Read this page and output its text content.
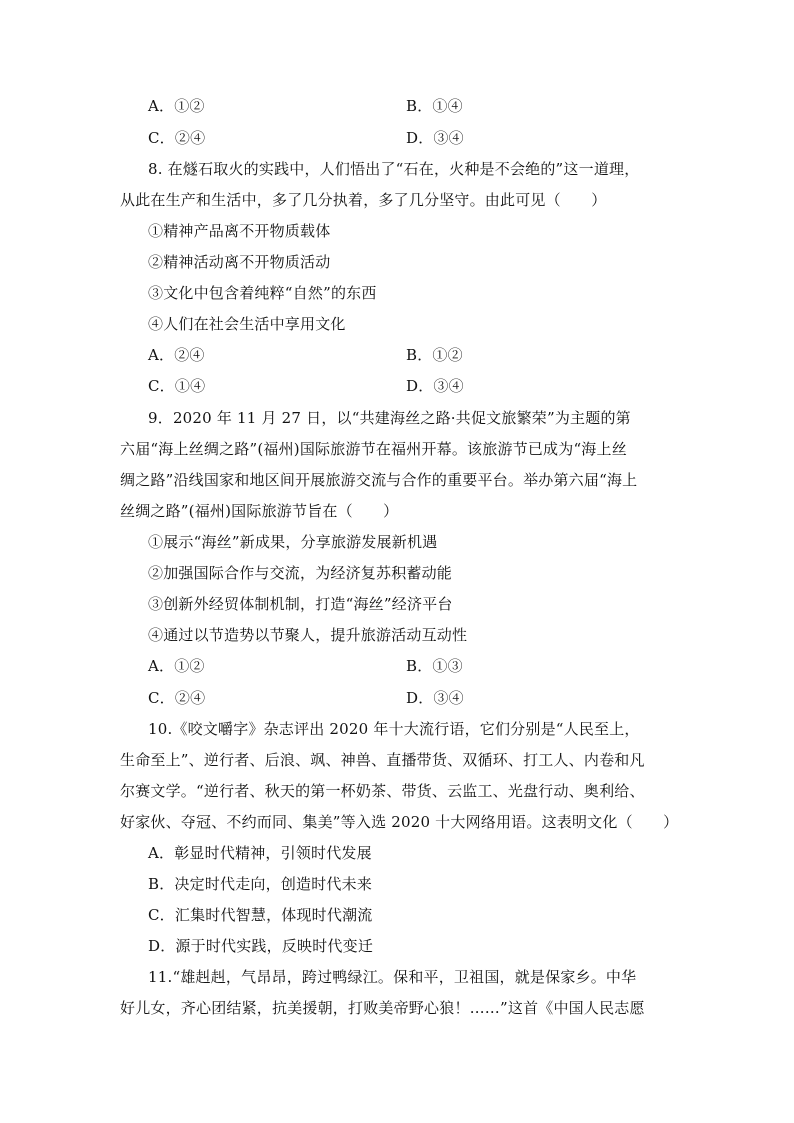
A．①②	B．①④
C．②④	D．③④
8. 在燧石取火的实践中，人们悟出了“石在，火种是不会绝的”这一道理，
从此在生产和生活中，多了几分执着，多了几分坚守。由此可见（　　）
①精神产品离不开物质载体
②精神活动离不开物质活动
③文化中包含着纯粹“自然”的东西
④人们在社会生活中享用文化
A．②④	B．①②
C．①④	D．③④
9．2020 年 11 月 27 日，以“共建海丝之路·共促文旅繁荣”为主题的第
六届“海上丝绸之路”(福州)国际旅游节在福州开幕。该旅游节已成为“海上丝
绸之路”沿线国家和地区间开展旅游交流与合作的重要平台。举办第六届“海上
丝绸之路”(福州)国际旅游节旨在（　　）
①展示“海丝”新成果，分享旅游发展新机遇
②加强国际合作与交流，为经济复苏积蓄动能
③创新外经贸体制机制，打造“海丝”经济平台
④通过以节造势以节聚人，提升旅游活动互动性
A．①②	B．①③
C．②④	D．③④
10.《咬文嚼字》杂志评出 2020 年十大流行语，它们分别是“人民至上，
生命至上”、逆行者、后浪、飒、神兽、直播带货、双循环、打工人、内卷和凡
尔赛文学。“逆行者、秋天的第一杯奶茶、带货、云监工、光盘行动、奥利给、
好家伙、夺冠、不约而同、集美”等入选 2020 十大网络用语。这表明文化（　　）
A．彰显时代精神，引领时代发展
B．决定时代走向，创造时代未来
C．汇集时代智慧，体现时代潮流
D．源于时代实践，反映时代变迁
11.“雄赳赳，气昂昂，跨过鸭绿江。保和平，卫祖国，就是保家乡。中华
好儿女，齐心团结紧，抗美援朝，打败美帝野心狼！……”这首《中国人民志愿
